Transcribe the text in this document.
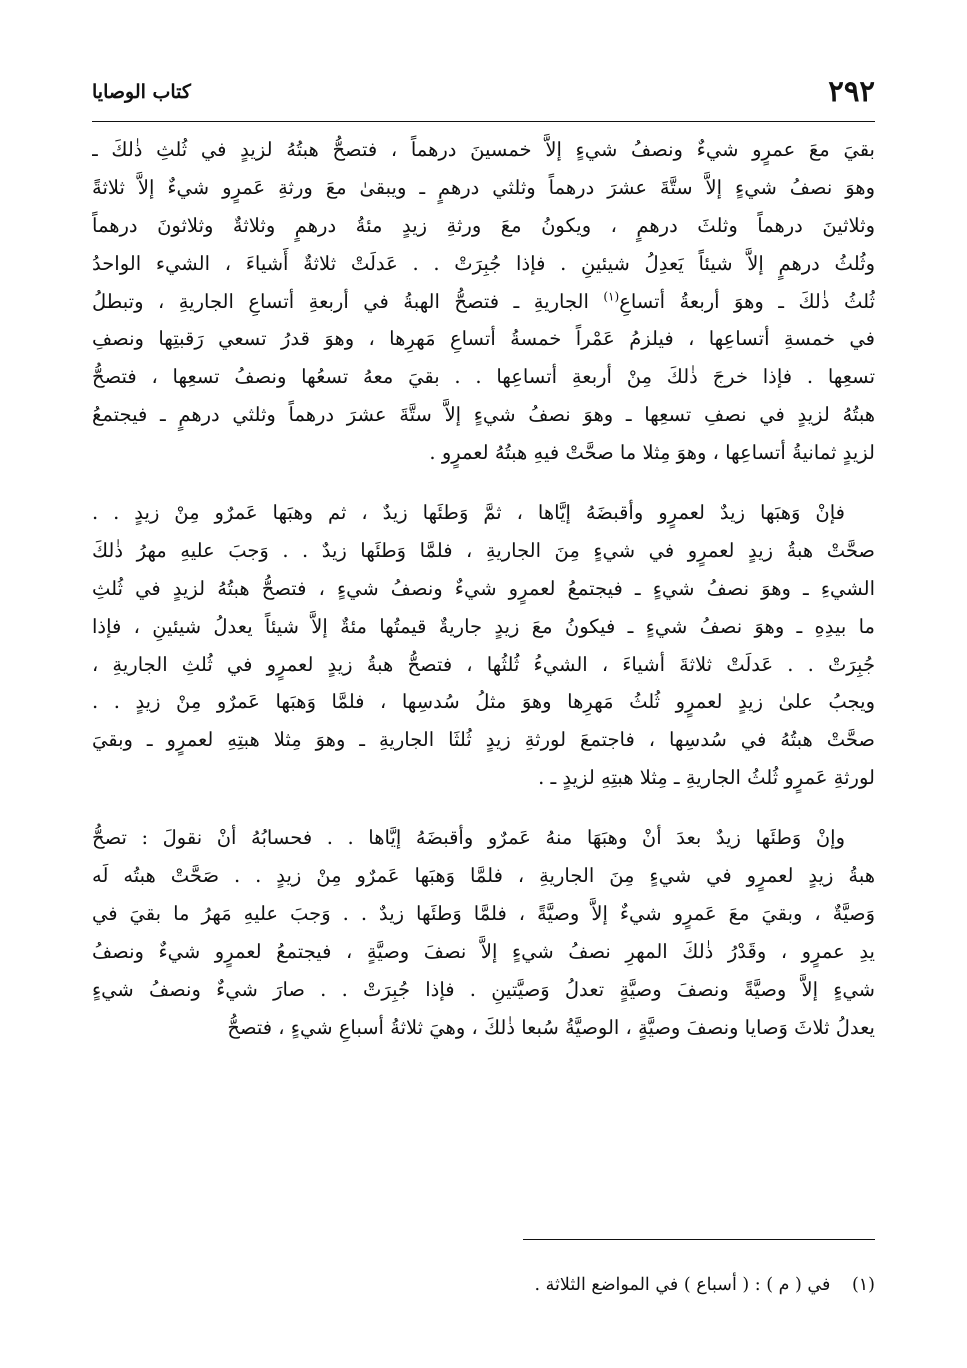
٢٩٢
كتاب الوصايا

بقيَ معَ عمرٍو شيءٌ ونصفُ شيءٍ إلاَّ خمسينَ درهماً ، فتصحُّ هبتُهُ لزيدٍ في ثُلثِ ذٰلكَ ـ
وهوَ نصفُ شيءٍ إلاَّ ستَّةَ عشرَ درهماً وثلثي درهمٍ ـ ويبقىٰ معَ ورثةِ عَمرٍو شيءٌ إلاَّ ثلاثةً
وثلاثينَ درهماً وثلثَ درهمٍ ، ويكونُ معَ ورثةِ زيدٍ مئةُ درهمٍ وثلاثةٌ وثلاثونَ درهماً
وثُلثُ درهمٍ إلاَّ شيئاً يَعدِلُ شيئينِ . فإذا جُبِرَتْ . . عَدلَتْ ثلاثةٌ أَشياءَ ، الشيء الواحدُ
ثُلثُ ذٰلكَ ـ وهوَ أربعةُ أتساعِ$^{(١)}$ الجاريةِ ـ فتصحُّ الهبةُ في أربعةِ أتساعِ الجاريةِ ، وتبطلُ
في خمسةِ أتساعِها ، فيلزمُ عَمْراً خمسةُ أتساعِ مَهرِها ، وهوَ قدرُ تسعي رَقبتِها ونصفِ
تسعِها . فإذا خرجَ ذٰلكَ مِنْ أربعةِ أتساعِها . . بقيَ معهُ تسعُها ونصفُ تسعِها ، فتصحُّ
هبتُهُ لزيدٍ في نصفِ تسعِها ـ وهوَ نصفُ شيءٍ إلاَّ ستَّةَ عشرَ درهماً وثلثي درهمٍ ـ فيجتمعُ
لزيدٍ ثمانيةُ أتساعِها ، وهوَ مِثلا ما صحَّتْ فيهِ هبتُهُ لعمرٍو .

فإنْ وَهبَها زيدٌ لعمرٍو وأقبضَهُ إيَّاها ، ثمَّ وَطئَها زيدٌ ، ثم وهبَها عَمرٌو مِنْ زيدٍ . .
صحَّتْ هبةُ زيدٍ لعمرٍو في شيءٍ مِنَ الجاريةِ ، فلمَّا وَطئَها زيدٌ . . وَجبَ عليهِ مهرُ ذٰلكَ
الشيءِ ـ وهوَ نصفُ شيءٍ ـ فيجتمعُ لعمرٍو شيءٌ ونصفُ شيءٍ ، فتصحُّ هبتُهُ لزيدٍ في ثُلثِ
ما بيدِهِ ـ وهوَ نصفُ شيءٍ ـ فيكونُ معَ زيدٍ جاريةٌ قيمتُها مئةٌ إلاَّ شيئاً يعدلُ شيئينِ ، فإذا
جُبِرَتْ . . عَدلَتْ ثلاثةَ أشياءَ ، الشيءُ ثُلثُها ، فتصحُّ هبةُ زيدٍ لعمرٍو في ثُلثِ الجاريةِ ،
ويجبُ علىٰ زيدٍ لعمرٍو ثُلثُ مَهرِها وهوَ مثلُ سُدسِها ، فلمَّا وَهبَها عَمرٌو مِنْ زيدٍ . .
صحَّتْ هبتُهُ في سُدسِها ، فاجتمعَ لورثةِ زيدٍ ثُلثَا الجاريةِ ـ وهوَ مِثلا هبتِهِ لعمرٍو ـ وبقيَ
لورثةِ عَمرٍو ثُلثُ الجاريةِ ـ مِثلا هبتِهِ لزيدٍ ـ .

وإنْ وَطئَها زيدٌ بعدَ أنْ وهبَهَا منهُ عَمرٌو وأقبضَهُ إيَّاها . . فحسابُهُ أنْ نقولَ : تصحُّ
هبةُ زيدٍ لعمرٍو في شيءٍ مِنَ الجاريةِ ، فلمَّا وَهبَها عَمرٌو مِنْ زيدٍ . . صَحَّتْ هبتُه لَه
وَصيَّةٌ ، وبقيَ معَ عَمرٍو شيءٌ إلاَّ وصيَّةً ، فلمَّا وَطئَها زيدٌ . . وَجبَ عليهِ مَهرُ ما بقيَ في
يدِ عمرٍو ، وقَدْرُ ذٰلكَ المهرِ نصفُ شيءٍ إلاَّ نصفَ وصيَّةٍ ، فيجتمعُ لعمرٍو شيءٌ ونصفُ
شيءٍ إلاَّ وصيَّةً ونصفَ وصيَّةٍ تعدلُ وَصيَّتينِ . فإذا جُبِرَتْ . . صارَ شيءٌ ونصفُ شيءٍ
يعدلُ ثلاثَ وَصايا ونصفَ وصيَّةٍ ، الوصيَّةُ سُبعا ذٰلكَ ، وهيَ ثلاثةُ أسباعِ شيءٍ ، فتصحُّ

(١) في ( م ) : ( أسباع ) في المواضع الثلاثة .
